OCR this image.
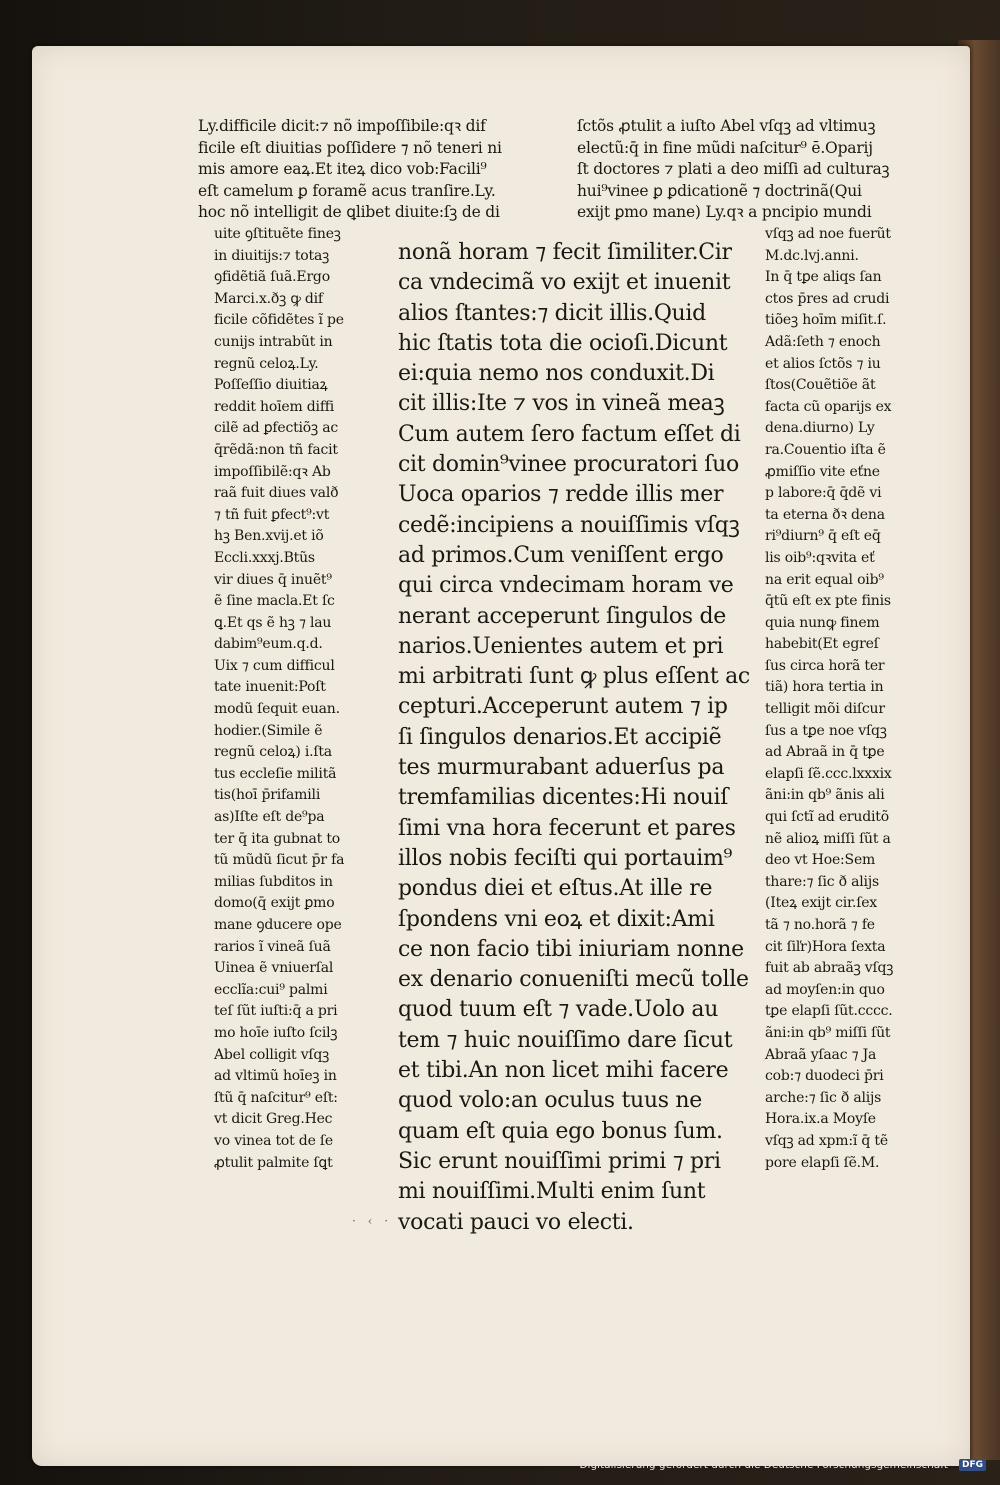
Ly.difficile dicit:⁊ nõ impoſſibile:qꝛ dif
ficile eſt diuitias poſſidere ⁊ nõ teneri ni
mis amore eaꝝ.Et iteꝝ dico vob:Facili⁹
eſt camelum ꝑ foramẽ acus tranſire.Ly.
hoc nõ intelligit de ꝗlibet diuite:ſꝫ de di
ſctõs ꝓtulit a iuſto Abel vſqꝫ ad vltimuꝫ
electũ:q̄ in fine mũdi naſcitur⁹ ē.Oparij
ſt doctores ⁊ plati a deo miſſi ad culturaꝫ
hui⁹vinee ꝑ ꝑdicationẽ ⁊ doctrinã(Qui
exijt ꝑmo mane) Ly.qꝛ a pncipio mundi
uite ꝯſtituẽte fineꝫ
in diuitijs:⁊ totaꝫ
ꝯfidẽtiã ſuã.Ergo
Marci.x.ðꝫ ꝙ dif
ficile cõfidẽtes ĩ pe
cunijs intrabũt in
regnũ celoꝝ.Ly.
Poſſeſſio diuitiaꝝ
reddit hoīem diffi
cilẽ ad ꝑfectiõꝫ ac
q̄rẽdã:non tñ facit
impoſſibilẽ:qꝛ Ab
raã fuit diues valð
⁊ tñ fuit ꝑfect⁹:vt
hꝫ Ben.xvij.et iõ
Eccli.xxxj.Btũs
vir diues q̄ inuẽt⁹
ẽ ſine macla.Et ſc
ꝗ.Et qs ẽ hꝫ ⁊ lau
dabim⁹eum.q.d.
Uix ⁊ cum difficul
tate inuenit:Poſt
modũ ſequit euan.
hodier.(Simile ẽ
regnũ celoꝝ) i.ſta
tus eccleſie militã
tis(hoī p̄rifamili
as)Iſte eſt de⁹pa
ter q̄ ita gubnat to
tũ mũdũ ſicut p̄r fa
milias ſubditos in
domo(q̄ exijt ꝑmo
mane ꝯducere ope
rarios ĩ vineã ſuã
Uinea ẽ vniuerſal
ecclĩa:cui⁹ palmi
teſ ſũt iuſti:q̄ a pri
mo hoīe iuſto ſcilꝫ
Abel colligit vſqꝫ
ad vltimũ hoīeꝫ in
ſtũ q̄ naſcitur⁹ eſt:
vt dicit Greg.Hec
vo vinea tot de ſe
ꝓtulit palmite ſꝗt
nonã horam ⁊ fecit ſimiliter.Cir
ca vndecimã vo exijt et inuenit
alios ſtantes:⁊ dicit illis.Quid
hic ſtatis tota die ocioſi.Dicunt
ei:quia nemo nos conduxit.Di
cit illis:Ite ⁊ vos in vineã meaꝫ
Cum autem ſero factum eſſet di
cit domin⁹vinee procuratori ſuo
Uoca oparios ⁊ redde illis mer
cedẽ:incipiens a nouiſſimis vſqꝫ
ad primos.Cum veniſſent ergo
qui circa vndecimam horam ve
nerant acceperunt ſingulos de
narios.Uenientes autem et pri
mi arbitrati ſunt ꝙ plus eſſent ac
cepturi.Acceperunt autem ⁊ ip
ſi ſingulos denarios.Et accipiẽ
tes murmurabant aduerſus pa
tremfamilias dicentes:Hi nouiſ
ſimi vna hora fecerunt et pares
illos nobis feciſti qui portauim⁹
pondus diei et eſtus.At ille re
ſpondens vni eoꝝ et dixit:Ami
ce non facio tibi iniuriam nonne
ex denario conueniſti mecũ tolle
quod tuum eſt ⁊ vade.Uolo au
tem ⁊ huic nouiſſimo dare ſicut
et tibi.An non licet mihi facere
quod volo:an oculus tuus ne
quam eſt quia ego bonus ſum.
Sic erunt nouiſſimi primi ⁊ pri
mi nouiſſimi.Multi enim ſunt
vocati pauci vo electi.
vſqꝫ ad noe fuerũt
M.dc.lvj.anni.
In q̄ tꝑe aliqs ſan
ctos p̄res ad crudi
tiõeꝫ hoīm miſit.ſ.
Adã:ſeth ⁊ enoch
et alios ſctõs ⁊ iu
ſtos(Couẽtiõe ãt
facta cũ oparijs ex
dena.diurno) Ly
ra.Couentio iſta ẽ
ꝓmiſſio vite eťne
p labore:q̄ q̄dẽ vi
ta eterna ðꝛ dena
ri⁹diurn⁹ q̄ eſt eq̄
lis oib⁹:qꝛvita eť
na erit equal oib⁹
q̄tũ eſt ex pte finis
quia nunꝙ finem
habebit(Et egreſ
ſus circa horã ter
tiã) hora tertia in
telligit mõi diſcur
ſus a tꝑe noe vſqꝫ
ad Abraã in q̄ tꝑe
elapſi ſẽ.ccc.lxxxix
ãni:in qb⁹ ãnis ali
qui ſctĩ ad eruditõ
nẽ alioꝝ miſſi ſũt a
deo vt Hoe:Sem
thare:⁊ ſic ð alijs
(Iteꝝ exijt cir.ſex
tã ⁊ no.horã ⁊ fe
cit ſiľr)Hora ſexta
fuit ab abraãꝫ vſqꝫ
ad moyſen:in quo
tꝑe elapſi ſũt.cccc.
ãni:in qb⁹ miſſi ſũt
Abraã yſaac ⁊ Ja
cob:⁊ duodeci p̄ri
arche:⁊ ſic ð alijs
Hora.ix.a Moyſe
vſqꝫ ad xpm:ĩ q̄ tẽ
pore elapſi ſẽ.M.
· ‹ ·
Digitalisierung gefördert durch die Deutsche Forschungsgemeinschaft - DFG
